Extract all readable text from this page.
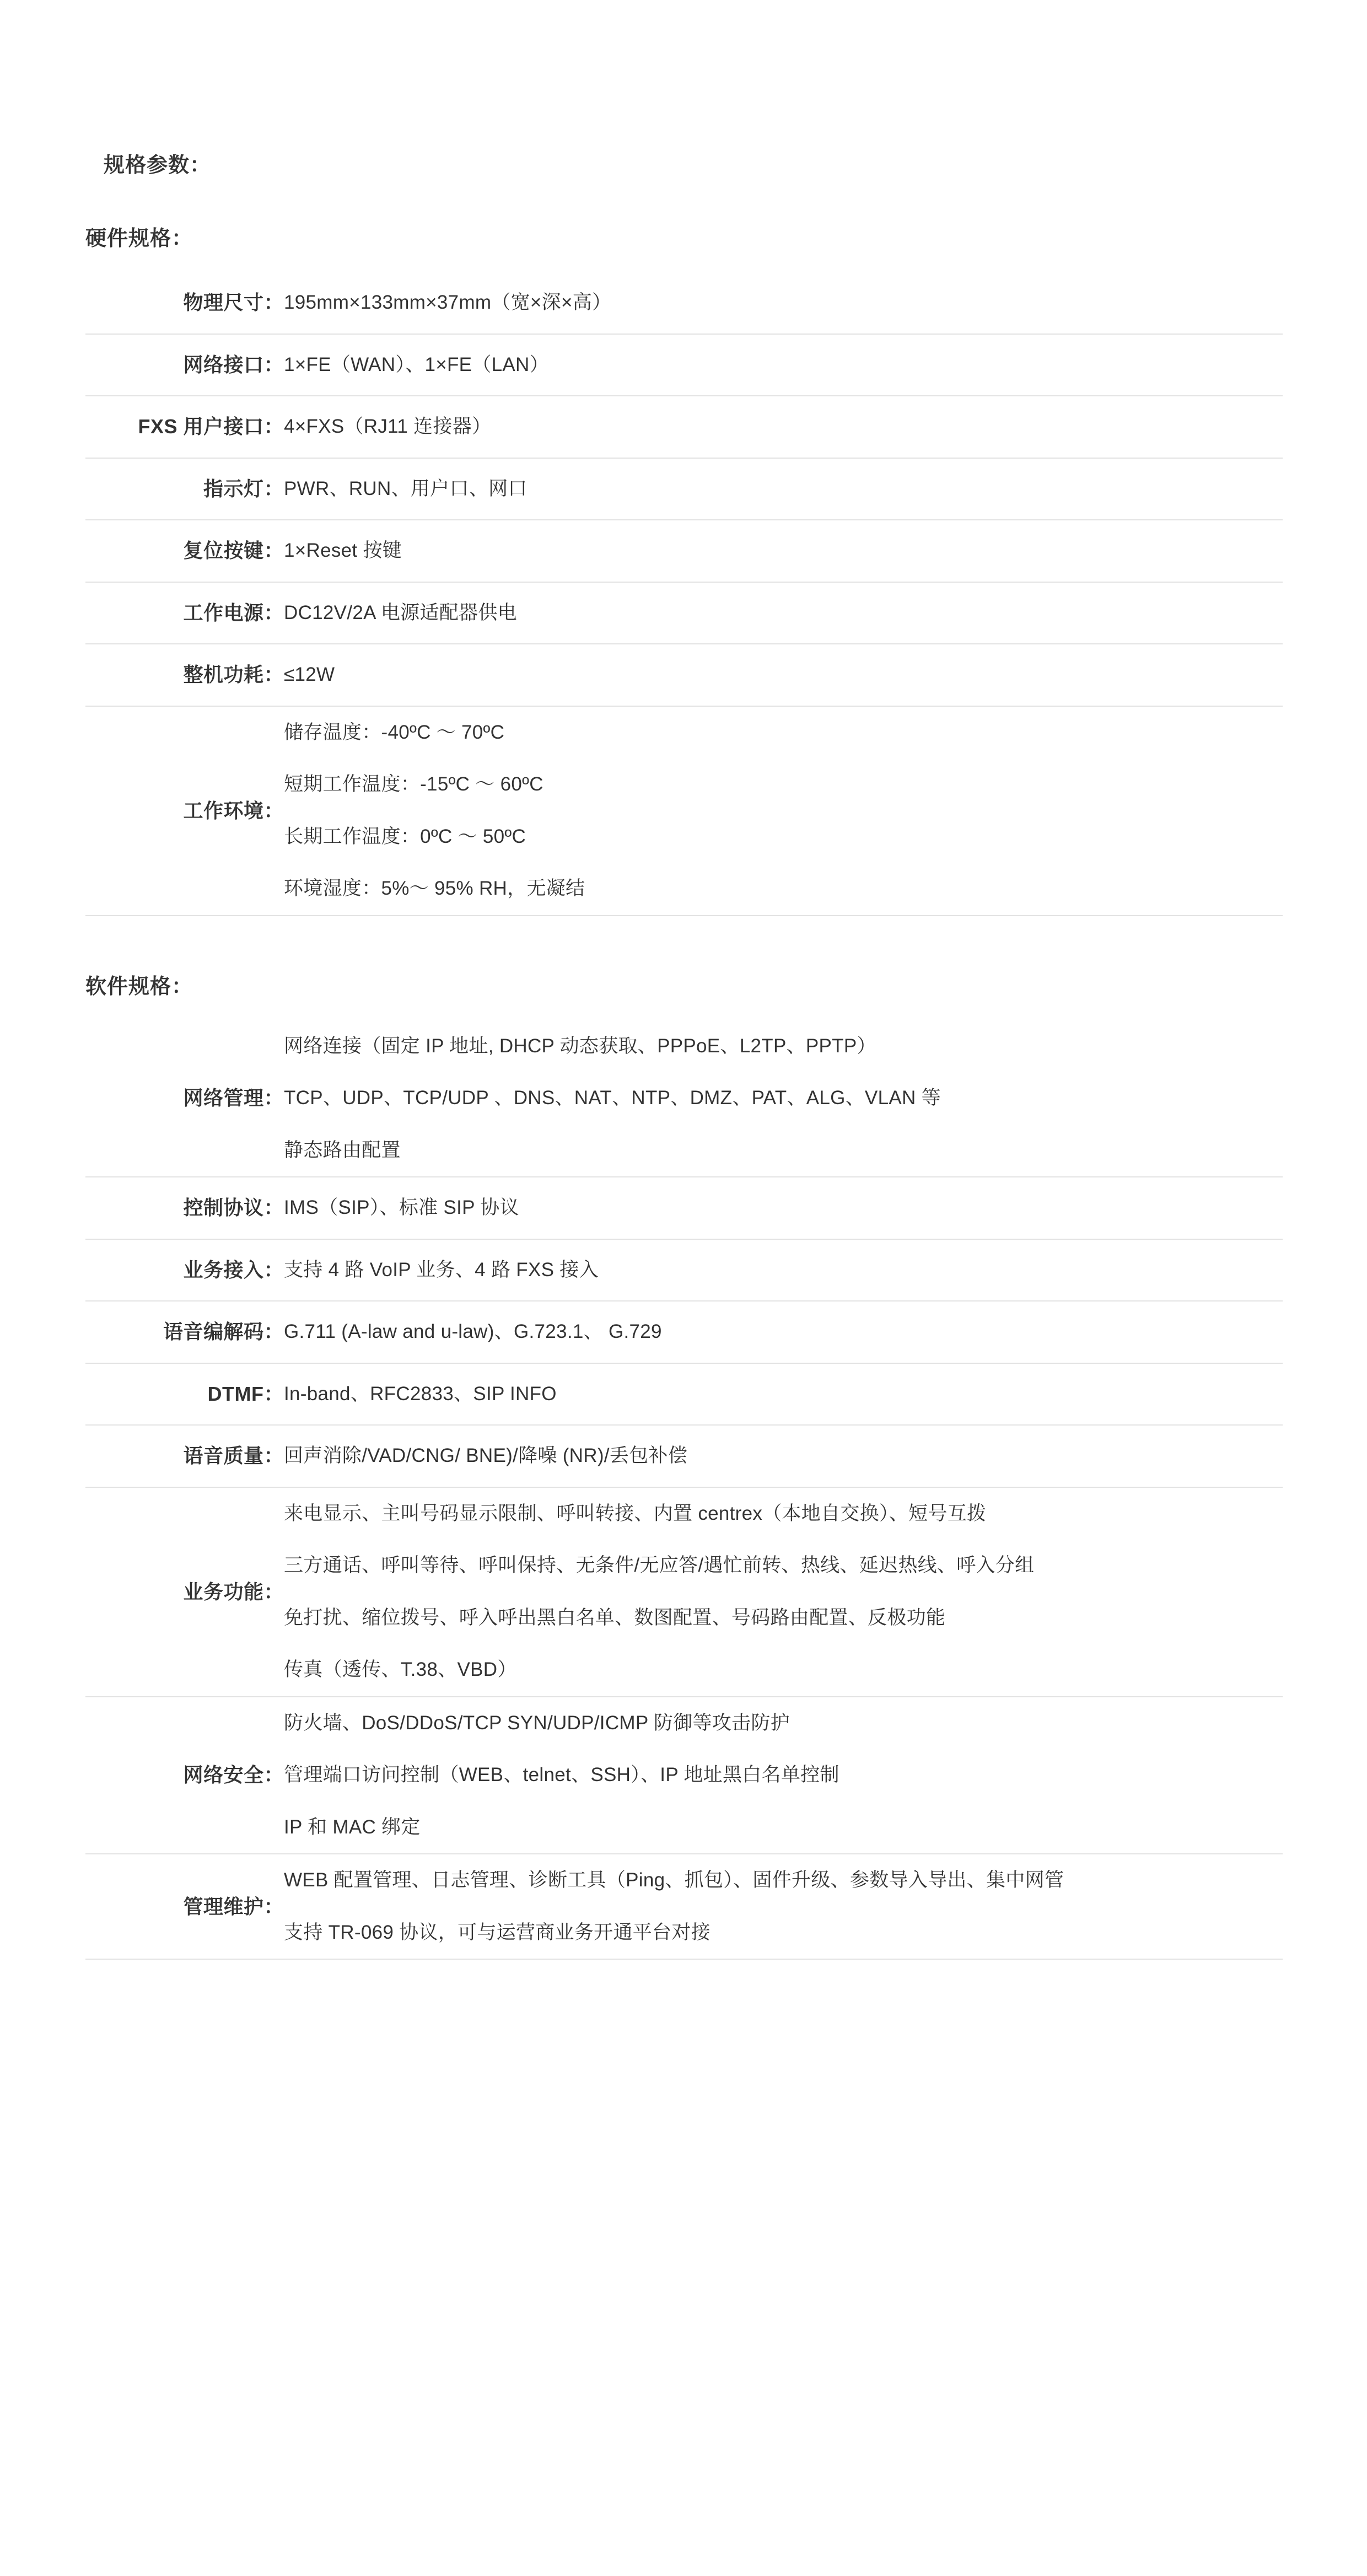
规格参数：
硬件规格：
物理尺寸：	195mm×133mm×37mm（宽×深×高）

网络接口：	1×FE（WAN）、1×FE（LAN）

FXS 用户接口：	4×FXS（RJ11 连接器）

指示灯：	PWR、RUN、用户口、网口

复位按键：	1×Reset 按键

工作电源：	DC12V/2A 电源适配器供电

整机功耗：	≤12W

工作环境：	储存温度：-40ºC ～ 70ºC
短期工作温度：-15ºC ～ 60ºC
长期工作温度：0ºC ～ 50ºC
环境湿度：5%～ 95% RH，无凝结
软件规格：
网络管理：	网络连接（固定 IP 地址, DHCP 动态获取、PPPoE、L2TP、PPTP）
TCP、UDP、TCP/UDP 、DNS、NAT、NTP、DMZ、PAT、ALG、VLAN 等
静态路由配置

控制协议：	IMS（SIP）、标准 SIP 协议

业务接入：	支持 4 路 VoIP 业务、4 路 FXS 接入

语音编解码：	G.711 (A-law and u-law)、G.723.1、 G.729

DTMF：	In-band、RFC2833、SIP INFO

语音质量：	回声消除/VAD/CNG/ BNE)/降噪 (NR)/丢包补偿

业务功能：	来电显示、主叫号码显示限制、呼叫转接、内置 centrex（本地自交换）、短号互拨
三方通话、呼叫等待、呼叫保持、无条件/无应答/遇忙前转、热线、延迟热线、呼入分组
免打扰、缩位拨号、呼入呼出黑白名单、数图配置、号码路由配置、反极功能
传真（透传、T.38、VBD）

网络安全：	防火墙、DoS/DDoS/TCP SYN/UDP/ICMP 防御等攻击防护
管理端口访问控制（WEB、telnet、SSH）、IP 地址黑白名单控制
IP 和 MAC 绑定

管理维护：	WEB 配置管理、日志管理、诊断工具（Ping、抓包）、固件升级、参数导入导出、集中网管
支持 TR-069 协议，可与运营商业务开通平台对接
